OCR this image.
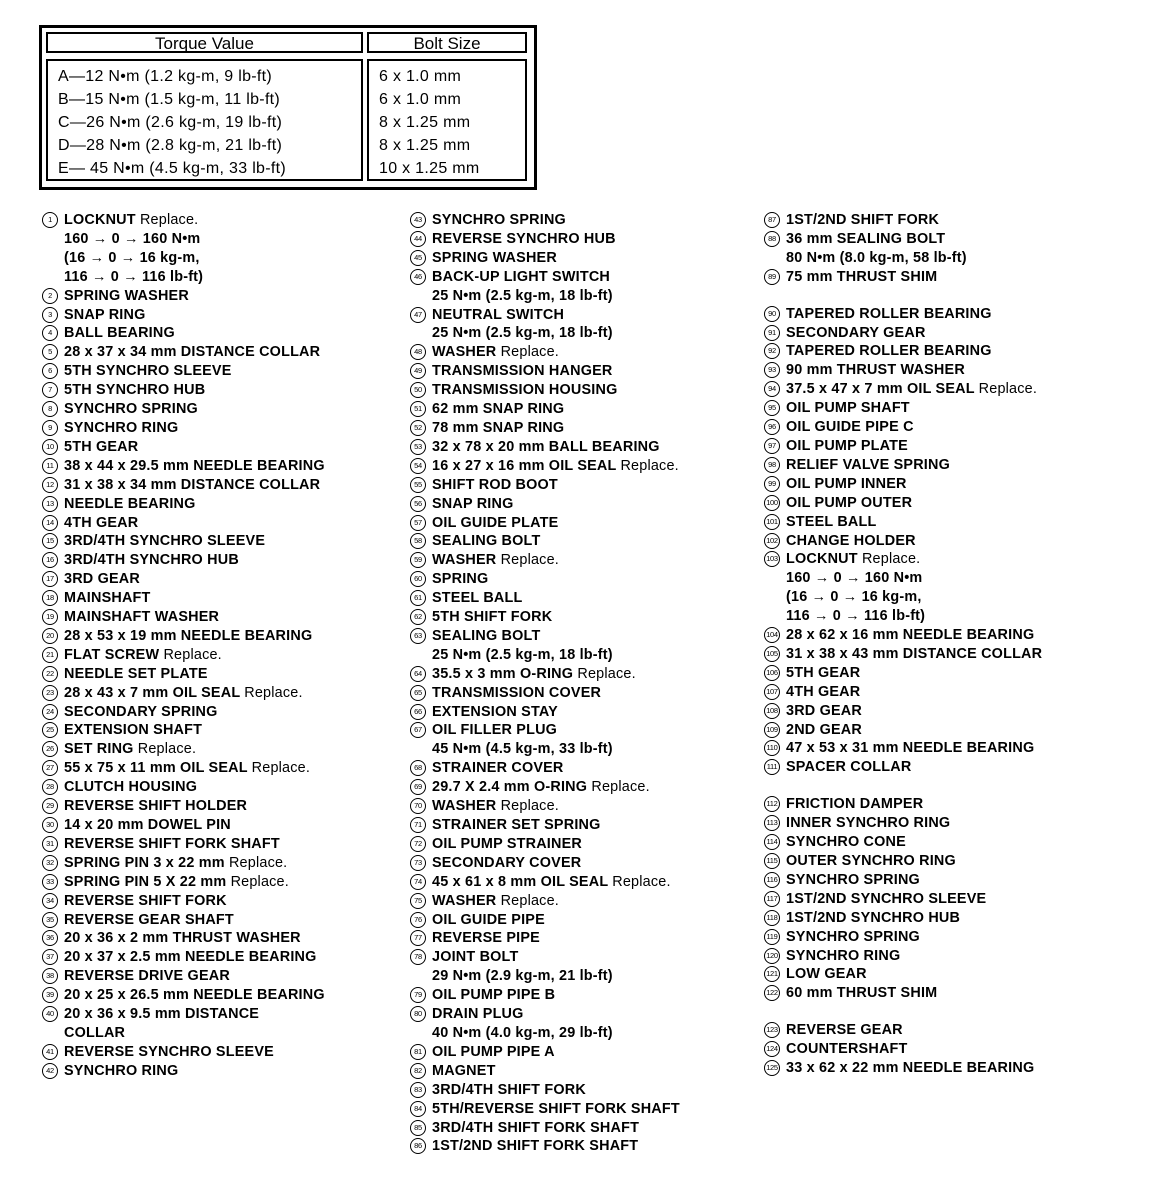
Torque Value	Bolt Size
A—12 N•m (1.2 kg-m, 9 lb-ft)
B—15 N•m (1.5 kg-m, 11 lb-ft)
C—26 N•m (2.6 kg-m, 19 lb-ft)
D—28 N•m (2.8 kg-m, 21 lb-ft)
E— 45 N•m (4.5 kg-m, 33 lb-ft)
6 x 1.0 mm
6 x 1.0 mm
8 x 1.25 mm
8 x 1.25 mm
10 x 1.25 mm
1 LOCKNUT Replace.
160 → 0 → 160 N•m
(16 → 0 → 16 kg-m,
116 → 0 → 116 lb-ft)
2 SPRING WASHER
3 SNAP RING
4 BALL BEARING
5 28 x 37 x 34 mm DISTANCE COLLAR
6 5TH SYNCHRO SLEEVE
7 5TH SYNCHRO HUB
8 SYNCHRO SPRING
9 SYNCHRO RING
10 5TH GEAR
11 38 x 44 x 29.5 mm NEEDLE BEARING
12 31 x 38 x 34 mm DISTANCE COLLAR
13 NEEDLE BEARING
14 4TH GEAR
15 3RD/4TH SYNCHRO SLEEVE
16 3RD/4TH SYNCHRO HUB
17 3RD GEAR
18 MAINSHAFT
19 MAINSHAFT WASHER
20 28 x 53 x 19 mm NEEDLE BEARING
21 FLAT SCREW Replace.
22 NEEDLE SET PLATE
23 28 x 43 x 7 mm OIL SEAL Replace.
24 SECONDARY SPRING
25 EXTENSION SHAFT
26 SET RING Replace.
27 55 x 75 x 11 mm OIL SEAL Replace.
28 CLUTCH HOUSING
29 REVERSE SHIFT HOLDER
30 14 x 20 mm DOWEL PIN
31 REVERSE SHIFT FORK SHAFT
32 SPRING PIN 3 x 22 mm Replace.
33 SPRING PIN 5 X 22 mm Replace.
34 REVERSE SHIFT FORK
35 REVERSE GEAR SHAFT
36 20 x 36 x 2 mm THRUST WASHER
37 20 x 37 x 2.5 mm NEEDLE BEARING
38 REVERSE DRIVE GEAR
39 20 x 25 x 26.5 mm NEEDLE BEARING
40 20 x 36 x 9.5 mm DISTANCE
COLLAR
41 REVERSE SYNCHRO SLEEVE
42 SYNCHRO RING
43 SYNCHRO SPRING
44 REVERSE SYNCHRO HUB
45 SPRING WASHER
46 BACK-UP LIGHT SWITCH
25 N•m (2.5 kg-m, 18 lb-ft)
47 NEUTRAL SWITCH
25 N•m (2.5 kg-m, 18 lb-ft)
48 WASHER Replace.
49 TRANSMISSION HANGER
50 TRANSMISSION HOUSING
51 62 mm SNAP RING
52 78 mm SNAP RING
53 32 x 78 x 20 mm BALL BEARING
54 16 x 27 x 16 mm OIL SEAL Replace.
55 SHIFT ROD BOOT
56 SNAP RING
57 OIL GUIDE PLATE
58 SEALING BOLT
59 WASHER Replace.
60 SPRING
61 STEEL BALL
62 5TH SHIFT FORK
63 SEALING BOLT
25 N•m (2.5 kg-m, 18 lb-ft)
64 35.5 x 3 mm O-RING Replace.
65 TRANSMISSION COVER
66 EXTENSION STAY
67 OIL FILLER PLUG
45 N•m (4.5 kg-m, 33 lb-ft)
68 STRAINER COVER
69 29.7 X 2.4 mm O-RING Replace.
70 WASHER Replace.
71 STRAINER SET SPRING
72 OIL PUMP STRAINER
73 SECONDARY COVER
74 45 x 61 x 8 mm OIL SEAL Replace.
75 WASHER Replace.
76 OIL GUIDE PIPE
77 REVERSE PIPE
78 JOINT BOLT
29 N•m (2.9 kg-m, 21 lb-ft)
79 OIL PUMP PIPE B
80 DRAIN PLUG
40 N•m (4.0 kg-m, 29 lb-ft)
81 OIL PUMP PIPE A
82 MAGNET
83 3RD/4TH SHIFT FORK
84 5TH/REVERSE SHIFT FORK SHAFT
85 3RD/4TH SHIFT FORK SHAFT
86 1ST/2ND SHIFT FORK SHAFT
87 1ST/2ND SHIFT FORK
88 36 mm SEALING BOLT
80 N•m (8.0 kg-m, 58 lb-ft)
89 75 mm THRUST SHIM
90 TAPERED ROLLER BEARING
91 SECONDARY GEAR
92 TAPERED ROLLER BEARING
93 90 mm THRUST WASHER
94 37.5 x 47 x 7 mm OIL SEAL Replace.
95 OIL PUMP SHAFT
96 OIL GUIDE PIPE C
97 OIL PUMP PLATE
98 RELIEF VALVE SPRING
99 OIL PUMP INNER
100 OIL PUMP OUTER
101 STEEL BALL
102 CHANGE HOLDER
103 LOCKNUT Replace.
160 → 0 → 160 N•m
(16 → 0 → 16 kg-m,
116 → 0 → 116 lb-ft)
104 28 x 62 x 16 mm NEEDLE BEARING
105 31 x 38 x 43 mm DISTANCE COLLAR
106 5TH GEAR
107 4TH GEAR
108 3RD GEAR
109 2ND GEAR
110 47 x 53 x 31 mm NEEDLE BEARING
111 SPACER COLLAR
112 FRICTION DAMPER
113 INNER SYNCHRO RING
114 SYNCHRO CONE
115 OUTER SYNCHRO RING
116 SYNCHRO SPRING
117 1ST/2ND SYNCHRO SLEEVE
118 1ST/2ND SYNCHRO HUB
119 SYNCHRO SPRING
120 SYNCHRO RING
121 LOW GEAR
122 60 mm THRUST SHIM
123 REVERSE GEAR
124 COUNTERSHAFT
125 33 x 62 x 22 mm NEEDLE BEARING
